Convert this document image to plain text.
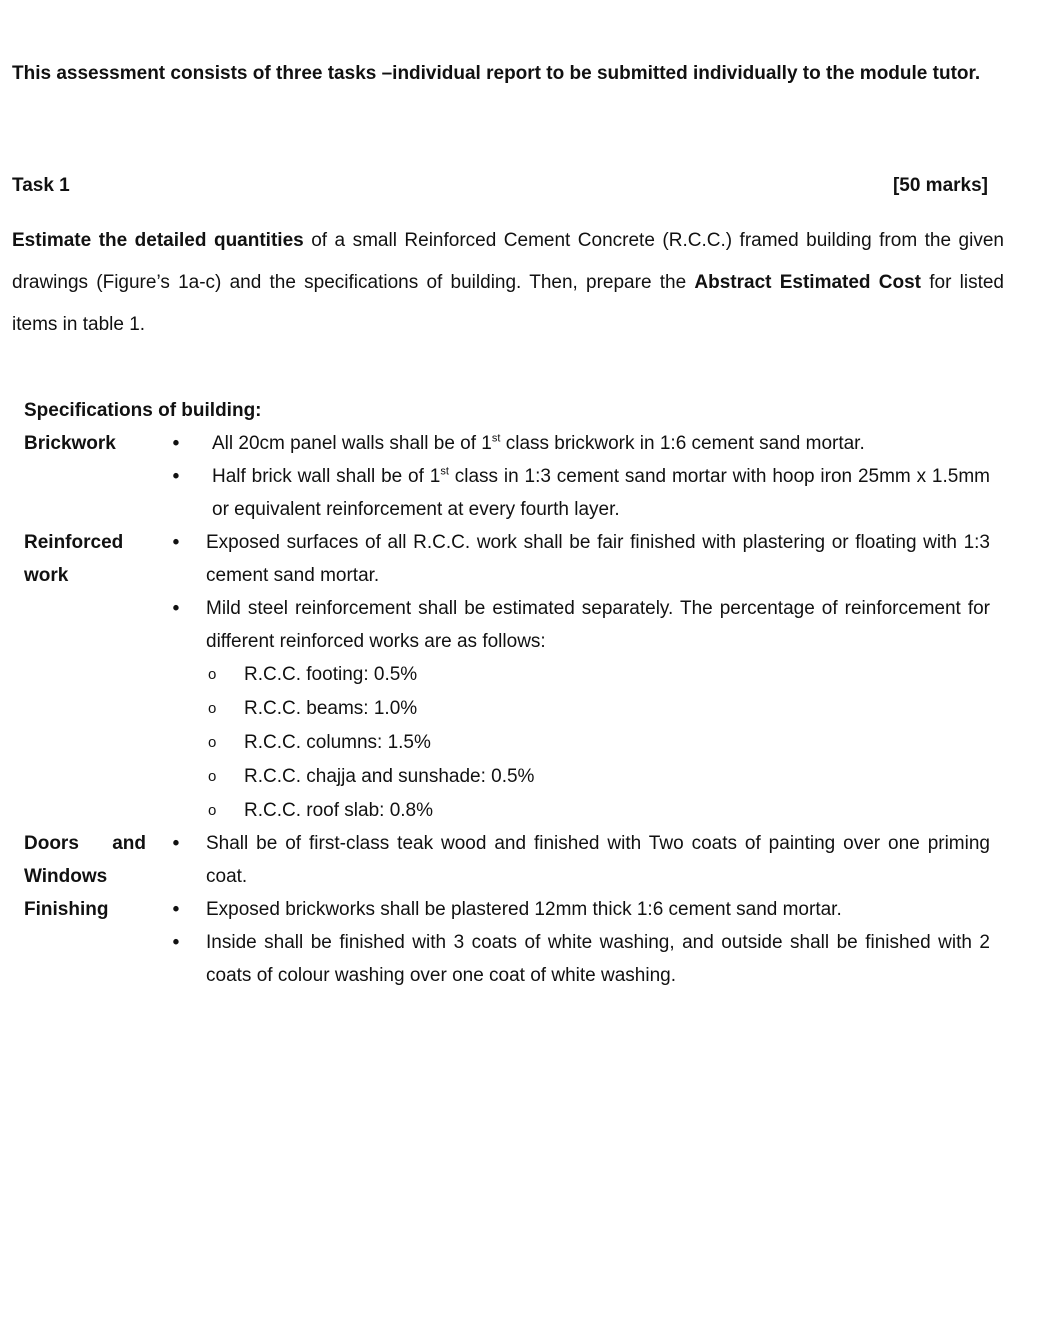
This assessment consists of three tasks –individual report to be submitted individually to the module tutor.
Task 1	[50 marks]
Estimate the detailed quantities of a small Reinforced Cement Concrete (R.C.C.) framed building from the given drawings (Figure’s 1a-c) and the specifications of building. Then, prepare the Abstract Estimated Cost for listed items in table 1.
Specifications of building:
Brickwork	• All 20cm panel walls shall be of 1st class brickwork in 1:6 cement sand mortar.
• Half brick wall shall be of 1st class in 1:3 cement sand mortar with hoop iron 25mm x 1.5mm or equivalent reinforcement at every fourth layer.
Reinforced
work
• Exposed surfaces of all R.C.C. work shall be fair finished with plastering or floating with 1:3 cement sand mortar.
• Mild steel reinforcement shall be estimated separately. The percentage of reinforcement for different reinforced works are as follows:
o R.C.C. footing: 0.5%
o R.C.C. beams: 1.0%
o R.C.C. columns: 1.5%
o R.C.C. chajja and sunshade: 0.5%
o R.C.C. roof slab: 0.8%
Doors and
Windows
• Shall be of first-class teak wood and finished with Two coats of painting over one priming coat.
Finishing	• Exposed brickworks shall be plastered 12mm thick 1:6 cement sand mortar.
• Inside shall be finished with 3 coats of white washing, and outside shall be finished with 2 coats of colour washing over one coat of white washing.
